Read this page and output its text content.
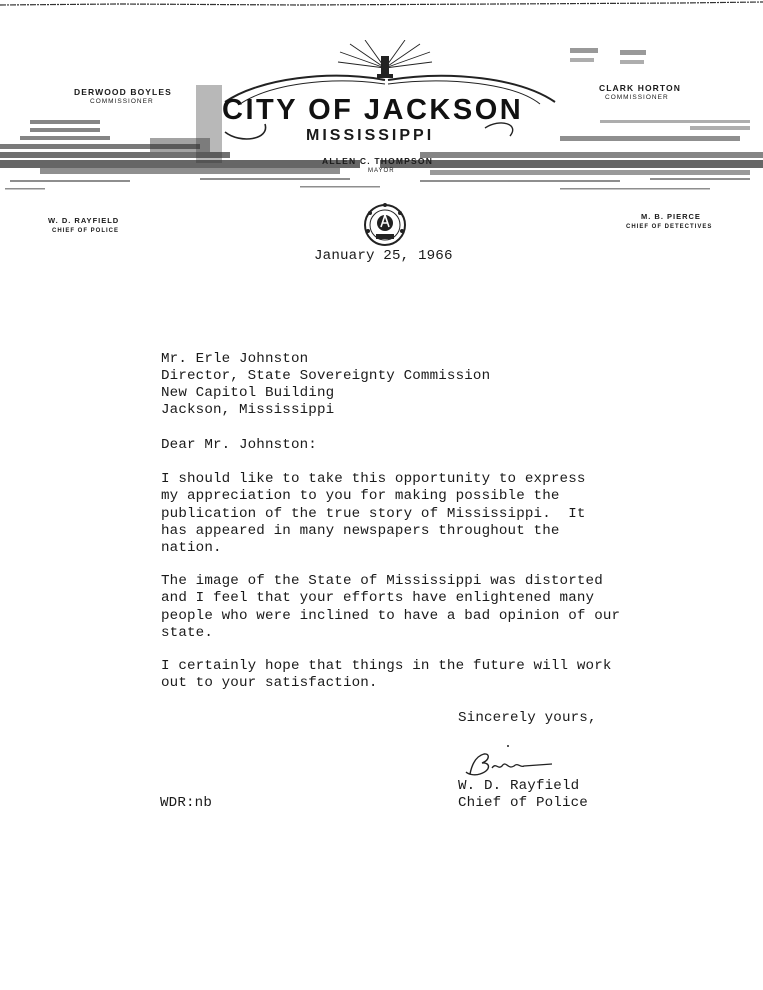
DERWOOD BOYLES
COMMISSIONER
CLARK HORTON
COMMISSIONER
CITY OF JACKSON
MISSISSIPPI
ALLEN C. THOMPSON
MAYOR
W. D. RAYFIELD
CHIEF OF POLICE
M. B. PIERCE
CHIEF OF DETECTIVES
January 25, 1966
Mr. Erle Johnston
Director, State Sovereignty Commission
New Capitol Building
Jackson, Mississippi
Dear Mr. Johnston:
I should like to take this opportunity to express
my appreciation to you for making possible the
publication of the true story of Mississippi.  It
has appeared in many newspapers throughout the
nation.
The image of the State of Mississippi was distorted
and I feel that your efforts have enlightened many
people who were inclined to have a bad opinion of our
state.
I certainly hope that things in the future will work
out to your satisfaction.
Sincerely yours,
W. D. Rayfield
Chief of Police
WDR:nb
